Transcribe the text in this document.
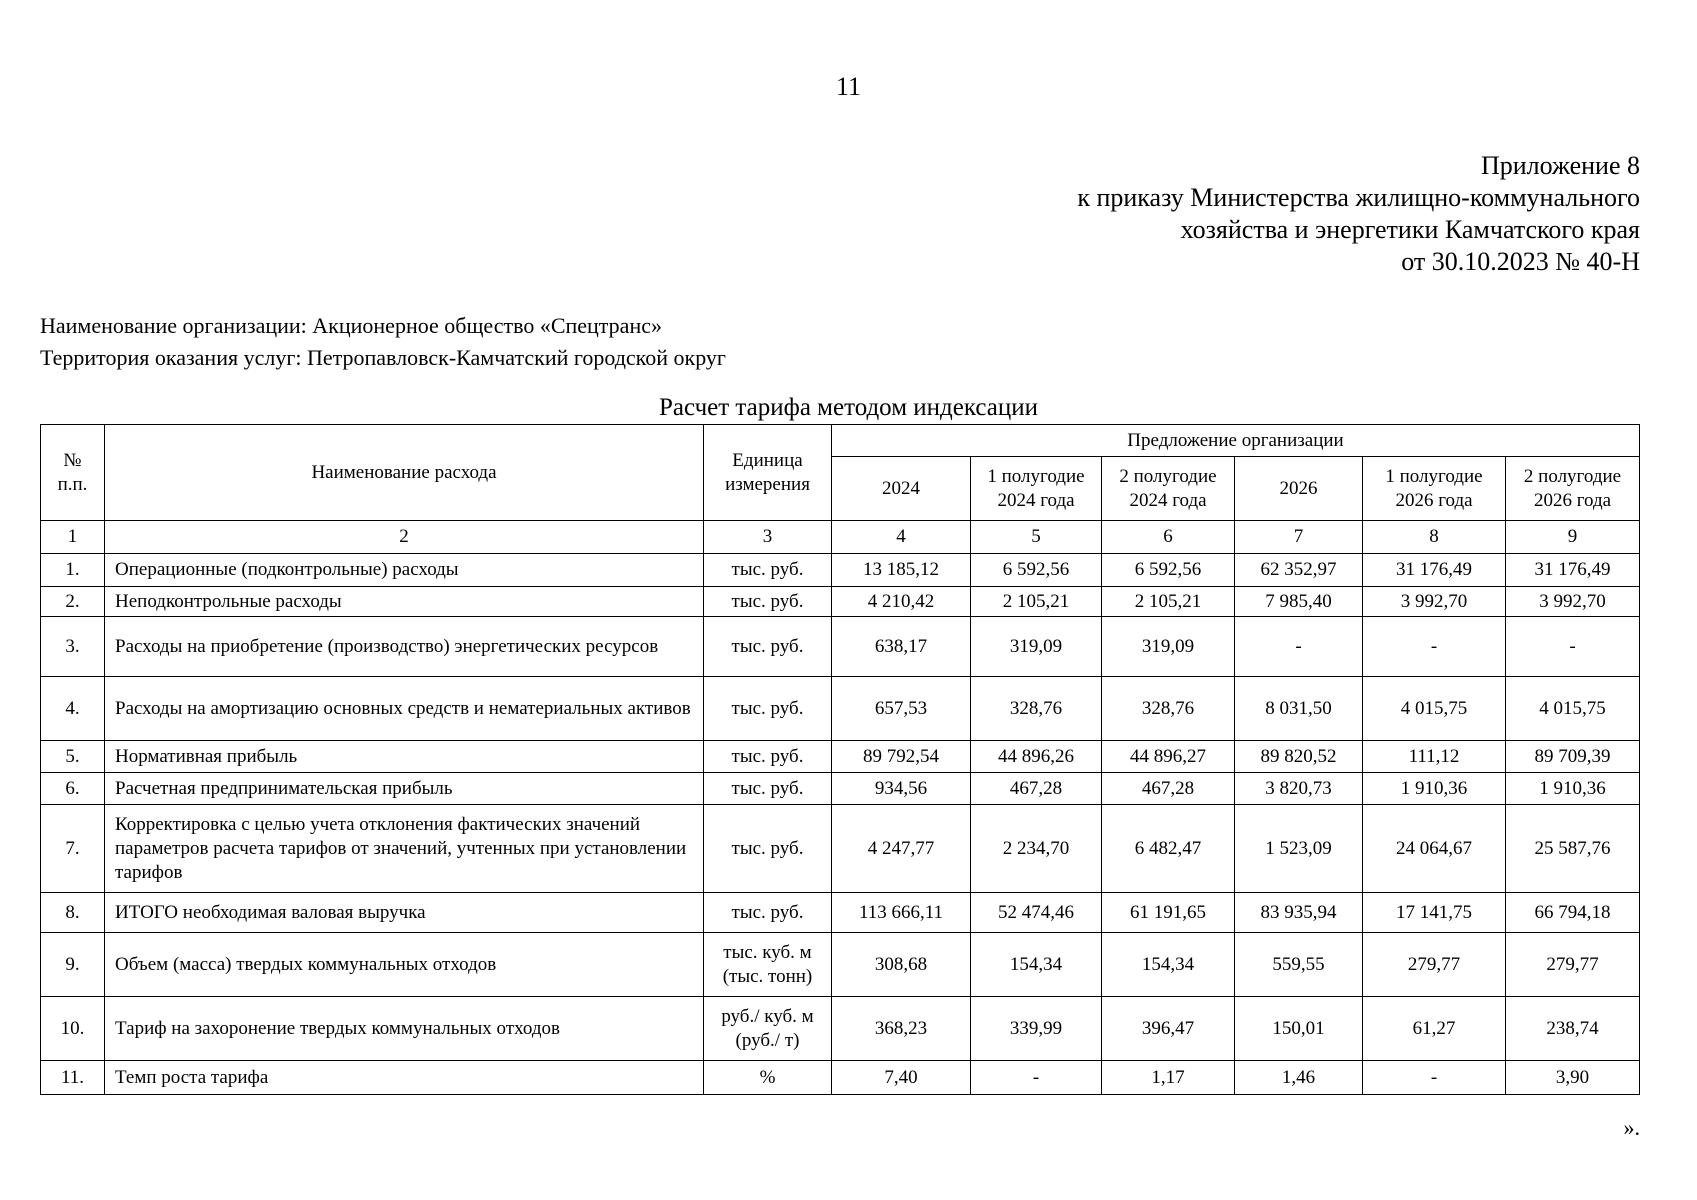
11
Приложение 8
к приказу Министерства жилищно-коммунального
хозяйства и энергетики Камчатского края
от 30.10.2023 № 40-Н
Наименование организации: Акционерное общество «Спецтранс»
Территория оказания услуг: Петропавловск-Камчатский городской округ
Расчет тарифа методом индексации
№ п.п.	Наименование расхода	Единица измерения	Предложение организации					
			2024	1 полугодие 2024 года	2 полугодие 2024 года	2026	1 полугодие 2026 года	2 полугодие 2026 года
1	2	3	4	5	6	7	8	9
1.	Операционные (подконтрольные) расходы	тыс. руб.	13 185,12	6 592,56	6 592,56	62 352,97	31 176,49	31 176,49
2.	Неподконтрольные расходы	тыс. руб.	4 210,42	2 105,21	2 105,21	7 985,40	3 992,70	3 992,70
3.	Расходы на приобретение (производство) энергетических ресурсов	тыс. руб.	638,17	319,09	319,09	-	-	-
4.	Расходы на амортизацию основных средств и нематериальных активов	тыс. руб.	657,53	328,76	328,76	8 031,50	4 015,75	4 015,75
5.	Нормативная прибыль	тыс. руб.	89 792,54	44 896,26	44 896,27	89 820,52	111,12	89 709,39
6.	Расчетная предпринимательская прибыль	тыс. руб.	934,56	467,28	467,28	3 820,73	1 910,36	1 910,36
7.	Корректировка с целью учета отклонения фактических значений параметров расчета тарифов от значений, учтенных при установлении тарифов	тыс. руб.	4 247,77	2 234,70	6 482,47	1 523,09	24 064,67	25 587,76
8.	ИТОГО необходимая валовая выручка	тыс. руб.	113 666,11	52 474,46	61 191,65	83 935,94	17 141,75	66 794,18
9.	Объем (масса) твердых коммунальных отходов	тыс. куб. м (тыс. тонн)	308,68	154,34	154,34	559,55	279,77	279,77
10.	Тариф на захоронение твердых коммунальных отходов	руб./ куб. м (руб./ т)	368,23	339,99	396,47	150,01	61,27	238,74
11.	Темп роста тарифа	%	7,40	-	1,17	1,46	-	3,90
».
